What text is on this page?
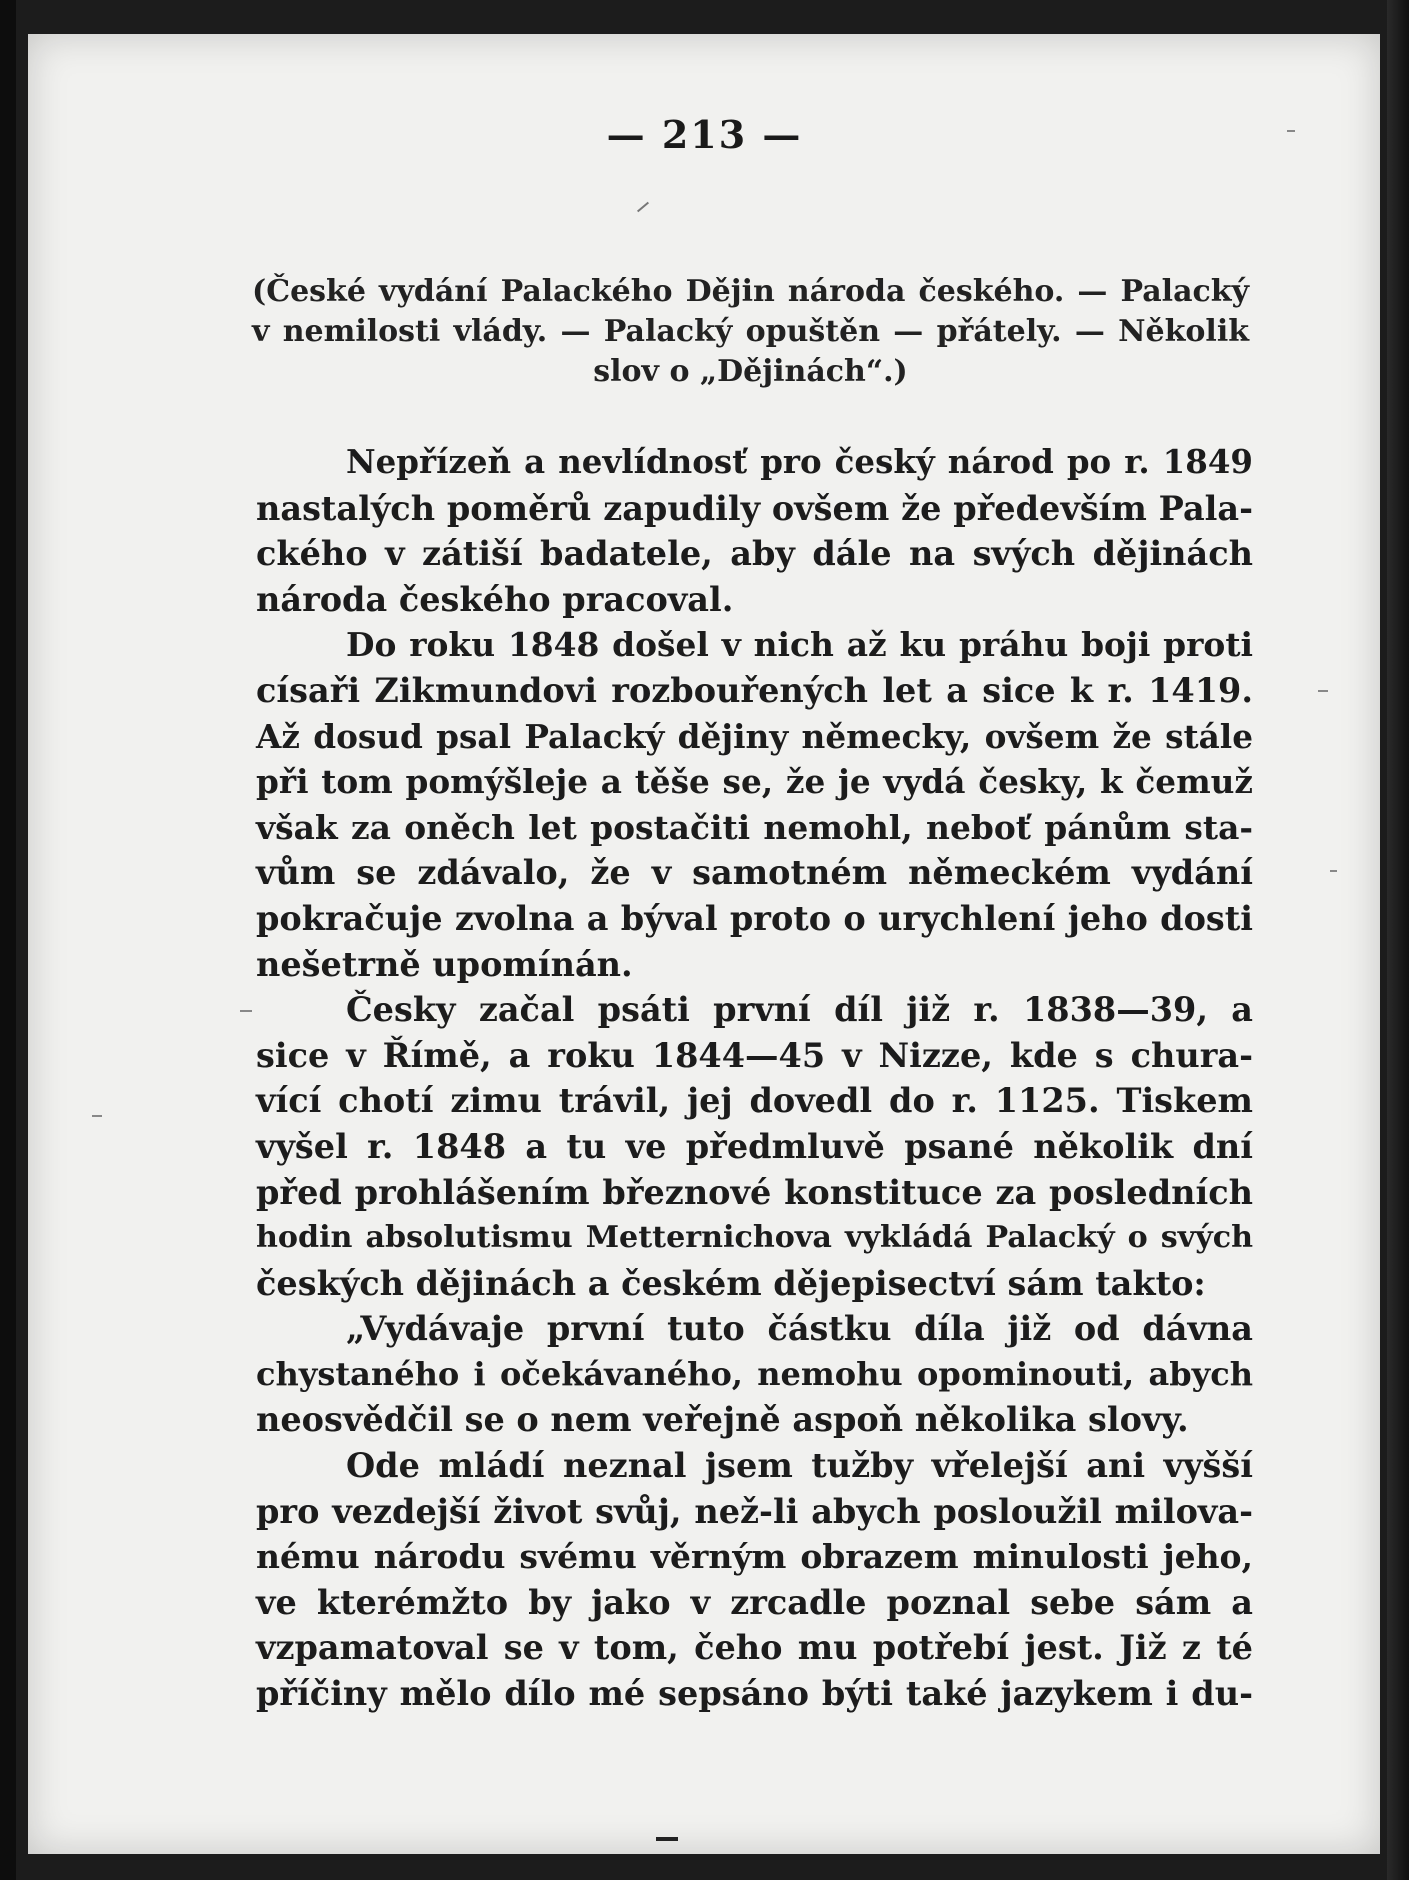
— 213 —
(České vydání Palackého Dějin národa českého. — Palacký
v nemilosti vlády. — Palacký opuštěn — přátely. — Několik
slov o „Dějinách“.)
Nepřízeň a nevlídnosť pro český národ po r. 1849
nastalých poměrů zapudily ovšem že především Pala-
ckého v zátiší badatele, aby dále na svých dějinách
národa českého pracoval.
Do roku 1848 došel v nich až ku práhu boji proti
císaři Zikmundovi rozbouřených let a sice k r. 1419.
Až dosud psal Palacký dějiny německy, ovšem že stále
při tom pomýšleje a těše se, že je vydá česky, k čemuž
však za oněch let postačiti nemohl, neboť pánům sta-
vům se zdávalo, že v samotném německém vydání
pokračuje zvolna a býval proto o urychlení jeho dosti
nešetrně upomínán.
Česky začal psáti první díl již r. 1838—39, a
sice v Římě, a roku 1844—45 v Nizze, kde s chura-
vící chotí zimu trávil, jej dovedl do r. 1125. Tiskem
vyšel r. 1848 a tu ve předmluvě psané několik dní
před prohlášením březnové konstituce za posledních
hodin absolutismu Metternichova vykládá Palacký o svých
českých dějinách a českém dějepisectví sám takto:
„Vydávaje první tuto částku díla již od dávna
chystaného i očekávaného, nemohu opominouti, abych
neosvědčil se o nem veřejně aspoň několika slovy.
Ode mládí neznal jsem tužby vřelejší ani vyšší
pro vezdejší život svůj, než-li abych posloužil milova-
nému národu svému věrným obrazem minulosti jeho,
ve kterémžto by jako v zrcadle poznal sebe sám a
vzpamatoval se v tom, čeho mu potřebí jest. Již z té
příčiny mělo dílo mé sepsáno býti také jazykem i du-
